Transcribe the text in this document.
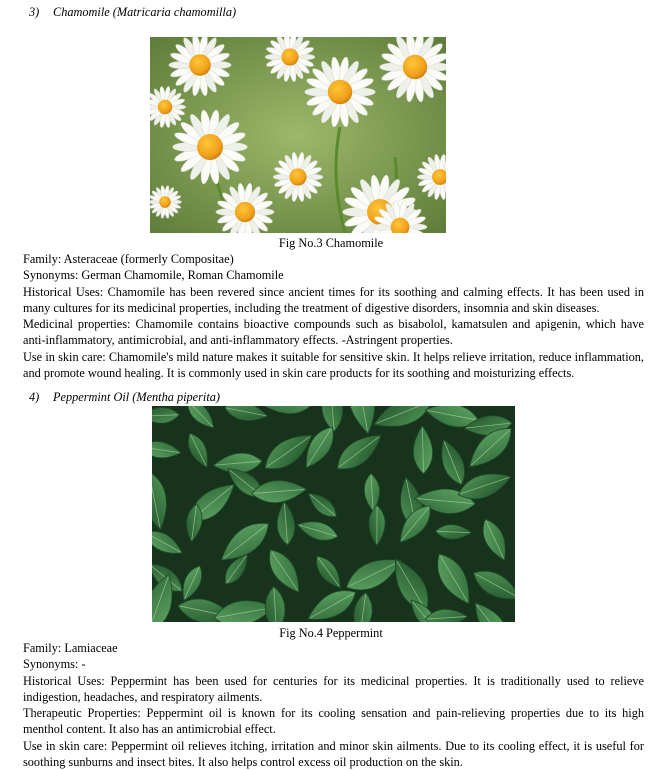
3) Chamomile (Matricaria chamomilla)
Fig No.3 Chamomile

Family: Asteraceae (formerly Compositae)

Synonyms: German Chamomile, Roman Chamomile

Historical Uses: Chamomile has been revered since ancient times for its soothing and calming effects. It has been used in many cultures for its medicinal properties, including the treatment of digestive disorders, insomnia and skin diseases.

Medicinal properties: Chamomile contains bioactive compounds such as bisabolol, kamatsulen and apigenin, which have anti-inflammatory, antimicrobial, and anti-inflammatory effects. -Astringent properties.

Use in skin care: Chamomile's mild nature makes it suitable for sensitive skin. It helps relieve irritation, reduce inflammation, and promote wound healing. It is commonly used in skin care products for its soothing and moisturizing effects.

4) Peppermint Oil (Mentha piperita)
Fig No.4 Peppermint

Family: Lamiaceae

Synonyms: -

Historical Uses: Peppermint has been used for centuries for its medicinal properties. It is traditionally used to relieve indigestion, headaches, and respiratory ailments.

Therapeutic Properties: Peppermint oil is known for its cooling sensation and pain-relieving properties due to its high menthol content. It also has an antimicrobial effect.

Use in skin care: Peppermint oil relieves itching, irritation and minor skin ailments. Due to its cooling effect, it is useful for soothing sunburns and insect bites. It also helps control excess oil production on the skin.
